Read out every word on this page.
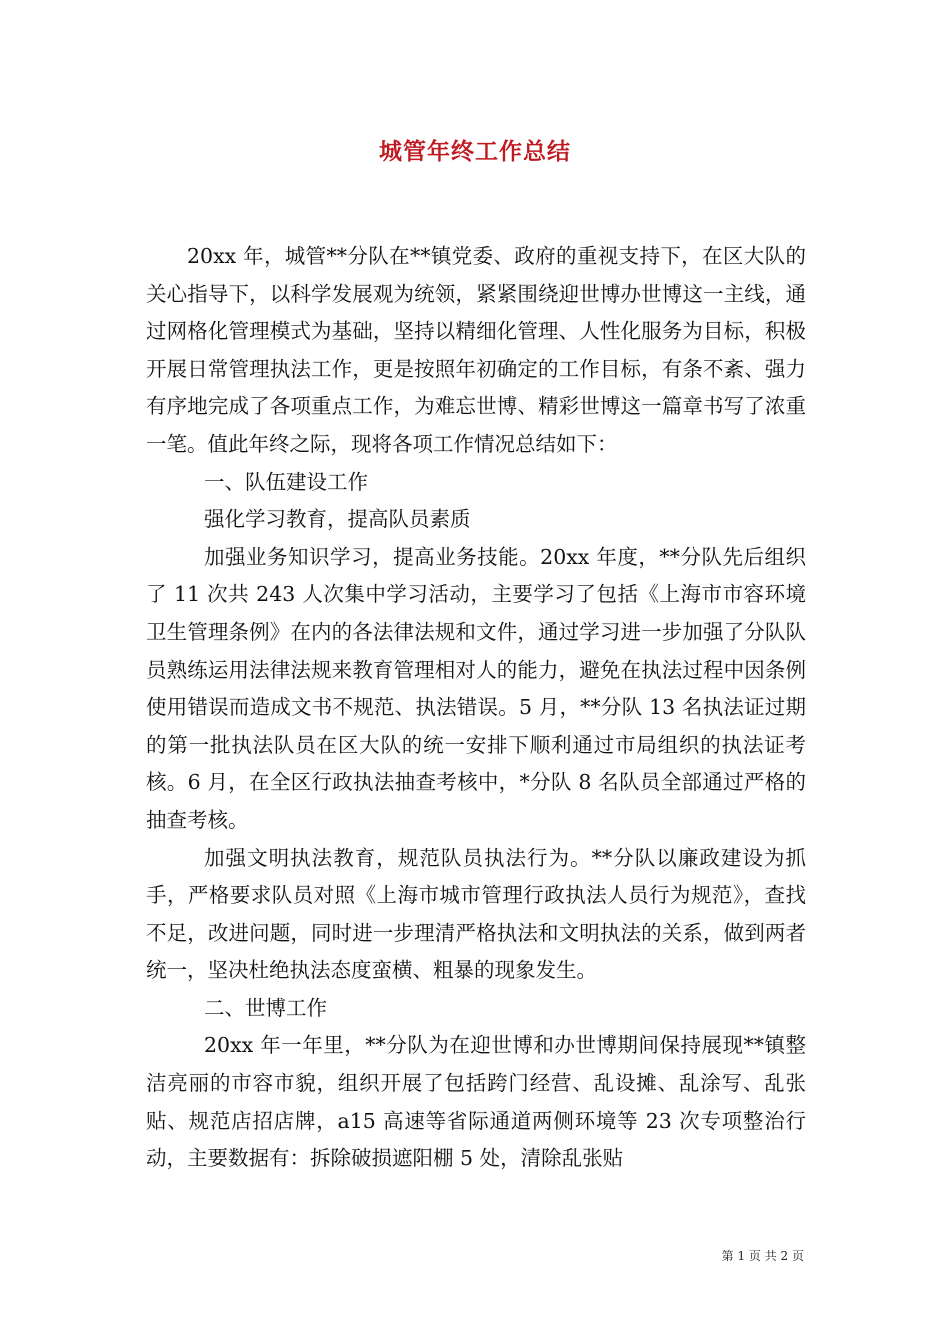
城管年终工作总结

20xx 年，城管**分队在**镇党委、政府的重视支持下，在区大队的关心指导下，以科学发展观为统领，紧紧围绕迎世博办世博这一主线，通过网格化管理模式为基础，坚持以精细化管理、人性化服务为目标，积极开展日常管理执法工作，更是按照年初确定的工作目标，有条不紊、强力有序地完成了各项重点工作，为难忘世博、精彩世博这一篇章书写了浓重一笔。值此年终之际，现将各项工作情况总结如下：

一、队伍建设工作

强化学习教育，提高队员素质

加强业务知识学习，提高业务技能。20xx 年度，**分队先后组织了 11 次共 243 人次集中学习活动，主要学习了包括《上海市市容环境卫生管理条例》在内的各法律法规和文件，通过学习进一步加强了分队队员熟练运用法律法规来教育管理相对人的能力，避免在执法过程中因条例使用错误而造成文书不规范、执法错误。5 月，**分队 13 名执法证过期的第一批执法队员在区大队的统一安排下顺利通过市局组织的执法证考核。6 月，在全区行政执法抽查考核中，*分队 8 名队员全部通过严格的抽查考核。

加强文明执法教育，规范队员执法行为。**分队以廉政建设为抓手，严格要求队员对照《上海市城市管理行政执法人员行为规范》，查找不足，改进问题，同时进一步理清严格执法和文明执法的关系，做到两者统一，坚决杜绝执法态度蛮横、粗暴的现象发生。

二、世博工作

20xx 年一年里，**分队为在迎世博和办世博期间保持展现**镇整洁亮丽的市容市貌，组织开展了包括跨门经营、乱设摊、乱涂写、乱张贴、规范店招店牌，a15 高速等省际通道两侧环境等 23 次专项整治行动，主要数据有：拆除破损遮阳棚 5 处，清除乱张贴

第 1 页 共 2 页
